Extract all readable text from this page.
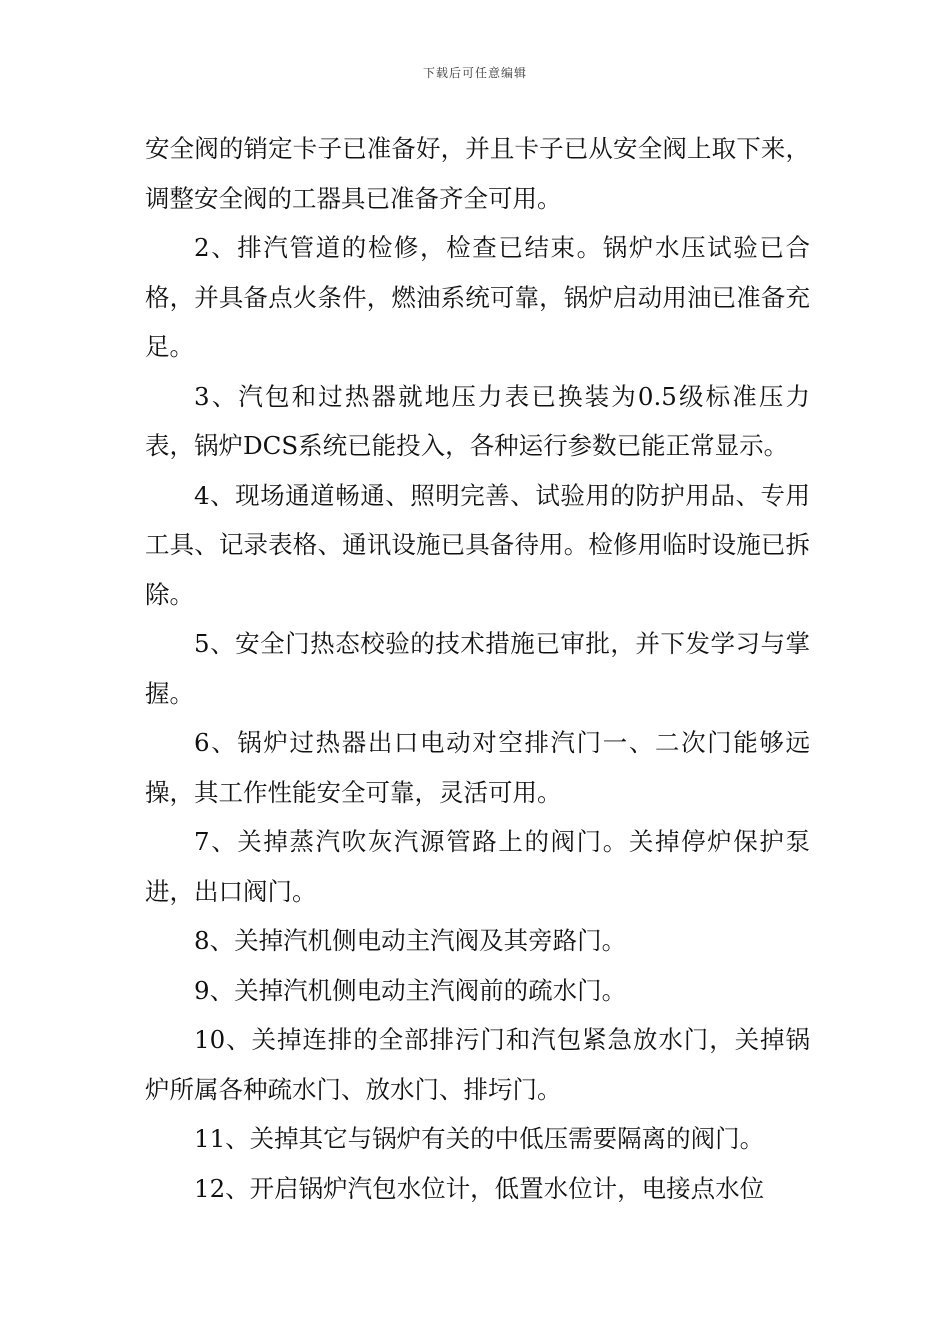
下载后可任意编辑

安全阀的销定卡子已准备好，并且卡子已从安全阀上取下来，调整安全阀的工器具已准备齐全可用。

2、排汽管道的检修，检查已结束。锅炉水压试验已合格，并具备点火条件，燃油系统可靠，锅炉启动用油已准备充足。

3、汽包和过热器就地压力表已换装为0.5级标准压力表，锅炉DCS系统已能投入，各种运行参数已能正常显示。

4、现场通道畅通、照明完善、试验用的防护用品、专用工具、记录表格、通讯设施已具备待用。检修用临时设施已拆除。

5、安全门热态校验的技术措施已审批，并下发学习与掌握。

6、锅炉过热器出口电动对空排汽门一、二次门能够远操，其工作性能安全可靠，灵活可用。

7、关掉蒸汽吹灰汽源管路上的阀门。关掉停炉保护泵进，出口阀门。

8、关掉汽机侧电动主汽阀及其旁路门。

9、关掉汽机侧电动主汽阀前的疏水门。

10、关掉连排的全部排污门和汽包紧急放水门，关掉锅炉所属各种疏水门、放水门、排圬门。

11、关掉其它与锅炉有关的中低压需要隔离的阀门。

12、开启锅炉汽包水位计，低置水位计，电接点水位
